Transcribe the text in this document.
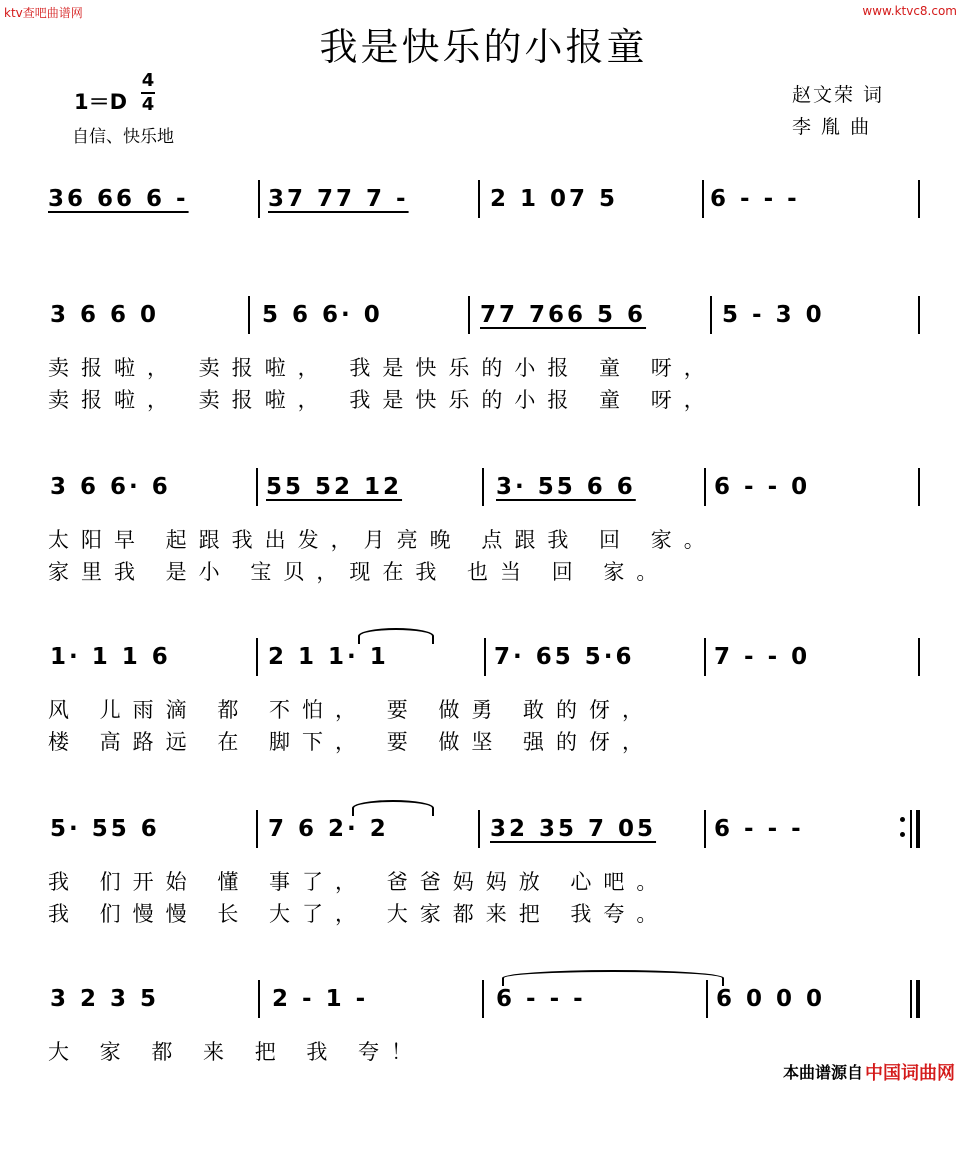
ktv查吧曲谱网	www.ktvc8.com
我是快乐的小报童
1＝D
4
4
自信、快乐地
赵文荣 词
李 胤 曲
36 66 6 -	37 77 7 -	2 1 07 5	6 - - -
3 6 6 0	5 6 6· 0	77 766 5 6	5 - 3 0
卖报啦， 卖报啦， 我是快乐的小报 童 呀，
卖报啦， 卖报啦， 我是快乐的小报 童 呀，
3 6 6· 6	55 52 12	3· 55 6 6	6 - - 0
太阳早 起跟我出发，月亮晚 点跟我 回 家。
家里我 是小 宝贝，现在我 也当 回 家。
1· 1 1 6	2 1 1· 1	7· 65 5·6	7 - - 0
风 儿雨滴 都 不怕， 要 做勇 敢的伢，
楼 高路远 在 脚下， 要 做坚 强的伢，
5· 55 6	7 6 2· 2	32 35 7 05	6 - - -
我 们开始 懂 事了， 爸爸妈妈放 心吧。
我 们慢慢 长 大了， 大家都来把 我夸。
3 2 3 5	2 - 1 -	6 - - -	6 0 0 0
大 家 都 来 把 我 夸！
本曲谱源自 中国词曲网
